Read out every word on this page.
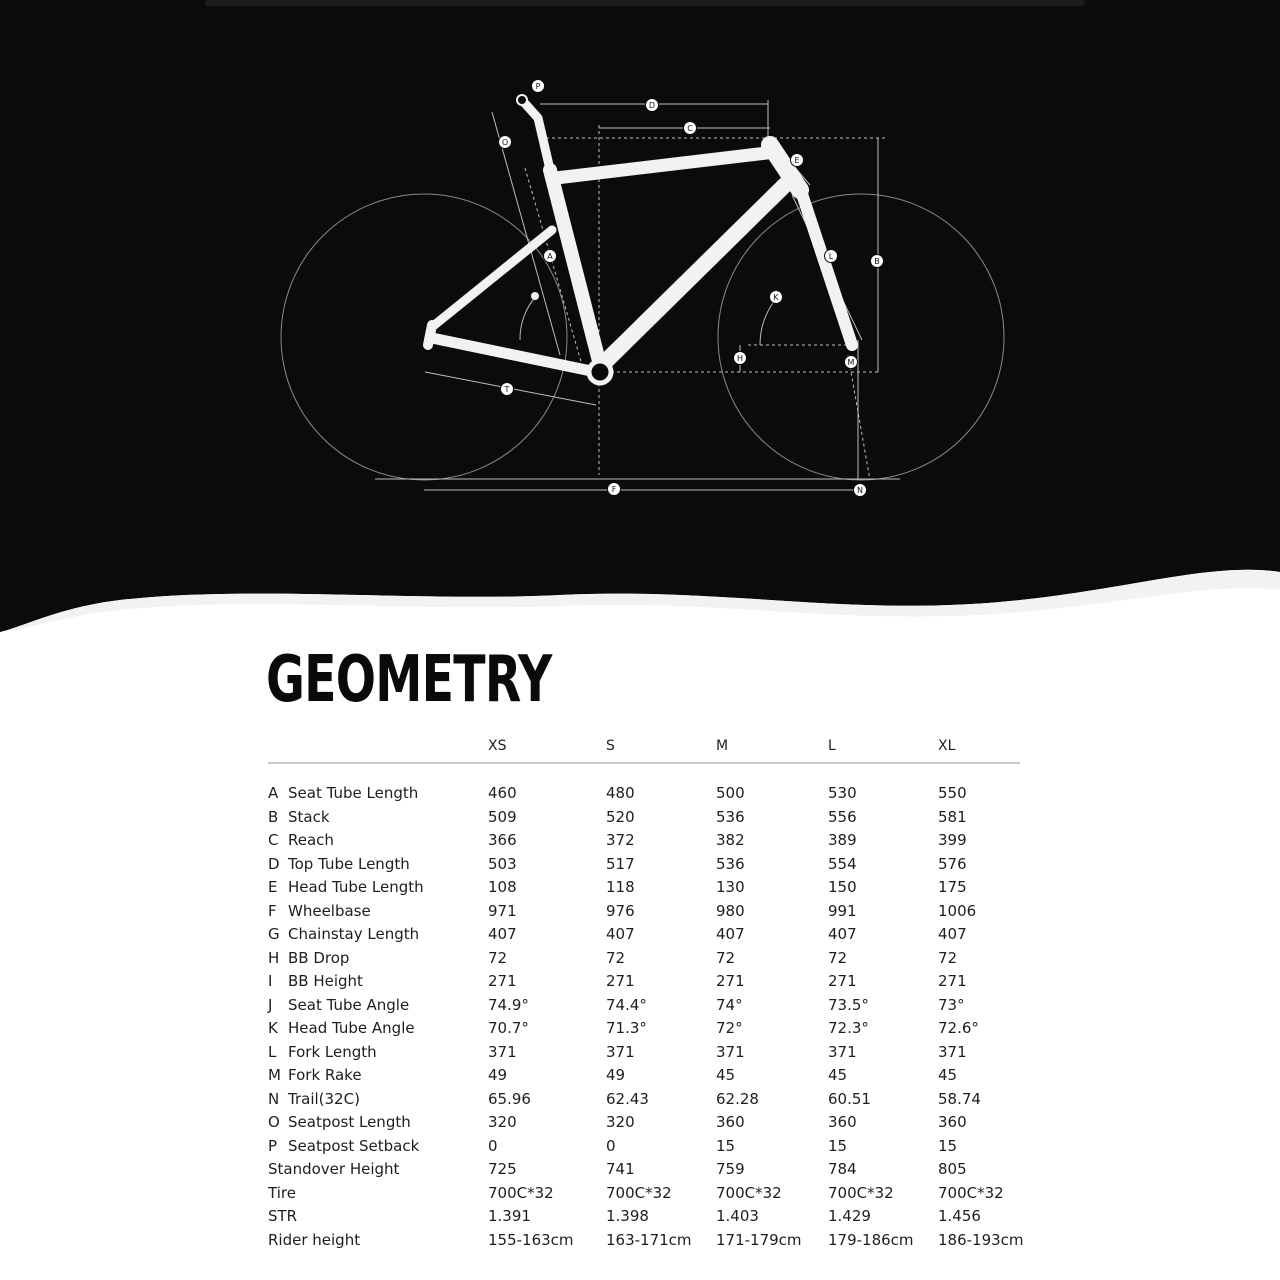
P
D
C
O
E
B
A	L
K
H	M
T
F	N
GEOMETRY
XS	S	M	L	XL
A Seat Tube Length	460	480	500	530	550
B Stack	509	520	536	556	581
C Reach	366	372	382	389	399
D Top Tube Length	503	517	536	554	576
E Head Tube Length	108	118	130	150	175
F Wheelbase	971	976	980	991	1006
G Chainstay Length	407	407	407	407	407
H BB Drop	72	72	72	72	72
I BB Height	271	271	271	271	271
J Seat Tube Angle	74.9°	74.4°	74°	73.5°	73°
K Head Tube Angle	70.7°	71.3°	72°	72.3°	72.6°
L Fork Length	371	371	371	371	371
M Fork Rake	49	49	45	45	45
N Trail(32C)	65.96	62.43	62.28	60.51	58.74
O Seatpost Length	320	320	360	360	360
P Seatpost Setback	0	0	15	15	15
Standover Height	725	741	759	784	805
Tire	700C*32	700C*32	700C*32	700C*32	700C*32
STR	1.391	1.398	1.403	1.429	1.456
Rider height	155-163cm 163-171cm 171-179cm 179-186cm 186-193cm
